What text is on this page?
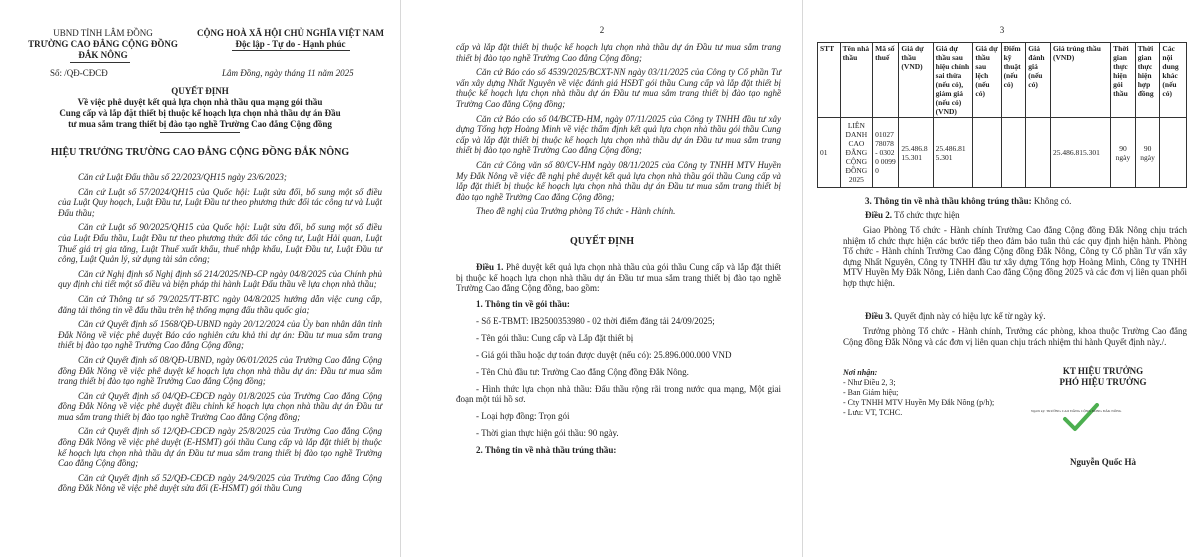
UBND TỈNH LÂM ĐỒNG
TRƯỜNG CAO ĐẲNG CỘNG ĐỒNG
ĐẮK NÔNG
CỘNG HOÀ XÃ HỘI CHỦ NGHĨA VIỆT NAM
Độc lập - Tự do - Hạnh phúc
Số: /QĐ-CĐCĐ	Lâm Đồng, ngày tháng 11 năm 2025
QUYẾT ĐỊNH
Về việc phê duyệt kết quả lựa chọn nhà thầu qua mạng gói thầu
Cung cấp và lắp đặt thiết bị thuộc kế hoạch lựa chọn nhà thầu dự án Đầu
tư mua sắm trang thiết bị đào tạo nghề Trường Cao đẳng Cộng đồng
HIỆU TRƯỞNG TRƯỜNG CAO ĐẲNG CỘNG ĐỒNG ĐẮK NÔNG
Căn cứ Luật Đấu thầu số 22/2023/QH15 ngày 23/6/2023;
Căn cứ Luật số 57/2024/QH15 của Quốc hội: Luật sửa đổi, bổ sung một số điều của Luật Quy hoạch, Luật Đầu tư, Luật Đầu tư theo phương thức đối tác công tư và Luật Đấu thầu;
Căn cứ Luật số 90/2025/QH15 của Quốc hội: Luật sửa đổi, bổ sung một số điều của Luật Đấu thầu, Luật Đầu tư theo phương thức đối tác công tư, Luật Hải quan, Luật Thuế giá trị gia tăng, Luật Thuế xuất khẩu, thuế nhập khẩu, Luật Đầu tư, Luật Đầu tư công, Luật Quản lý, sử dụng tài sản công;
Căn cứ Nghị định số Nghị định số 214/2025/NĐ-CP ngày 04/8/2025 của Chính phủ quy định chi tiết một số điều và biện pháp thi hành Luật Đấu thầu về lựa chọn nhà thầu;
Căn cứ Thông tư số 79/2025/TT-BTC ngày 04/8/2025 hướng dẫn việc cung cấp, đăng tải thông tin về đấu thầu trên hệ thống mạng đấu thầu quốc gia;
Căn cứ Quyết định số 1568/QĐ-UBND ngày 20/12/2024 của Ủy ban nhân dân tỉnh Đắk Nông về việc phê duyệt Báo cáo nghiên cứu khả thi dự án: Đầu tư mua sắm trang thiết bị đào tạo nghề Trường Cao đẳng Cộng đồng;
Căn cứ Quyết định số 08/QĐ-UBND, ngày 06/01/2025 của Trường Cao đẳng Cộng đồng Đắk Nông về việc phê duyệt kế hoạch lựa chọn nhà thầu dự án: Đầu tư mua sắm trang thiết bị đào tạo nghề Trường Cao đẳng Cộng đồng;
Căn cứ Quyết định số 04/QĐ-CĐCĐ ngày 01/8/2025 của Trường Cao đẳng Cộng đồng Đắk Nông về việc phê duyệt điều chỉnh kế hoạch lựa chọn nhà thầu dự án Đầu tư mua sắm trang thiết bị đào tạo nghề Trường Cao đẳng Cộng đồng;
Căn cứ Quyết định số 12/QĐ-CĐCĐ ngày 25/8/2025 của Trường Cao đẳng Cộng đồng Đắk Nông về việc phê duyệt (E-HSMT) gói thầu Cung cấp và lắp đặt thiết bị thuộc kế hoạch lựa chọn nhà thầu dự án Đầu tư mua sắm trang thiết bị đào tạo nghề Trường Cao đẳng Cộng đồng;
Căn cứ Quyết định số 52/QĐ-CĐCĐ ngày 24/9/2025 của Trường Cao đẳng Cộng đồng Đắk Nông về việc phê duyệt sửa đổi (E-HSMT) gói thầu Cung
2
cấp và lắp đặt thiết bị thuộc kế hoạch lựa chọn nhà thầu dự án Đầu tư mua sắm trang thiết bị đào tạo nghề Trường Cao đẳng Cộng đồng;
Căn cứ Báo cáo số 4539/2025/BCXT-NN ngày 03/11/2025 của Công ty Cổ phần Tư vấn xây dựng Nhất Nguyên về việc đánh giá HSĐT gói thầu Cung cấp và lắp đặt thiết bị thuộc kế hoạch lựa chọn nhà thầu dự án Đầu tư mua sắm trang thiết bị đào tạo nghề Trường Cao đẳng Cộng đồng;
Căn cứ Báo cáo số 04/BCTĐ-HM, ngày 07/11/2025 của Công ty TNHH đầu tư xây dựng Tổng hợp Hoàng Minh về việc thẩm định kết quả lựa chọn nhà thầu gói thầu Cung cấp và lắp đặt thiết bị thuộc kế hoạch lựa chọn nhà thầu dự án Đầu tư mua sắm trang thiết bị đào tạo nghề Trường Cao đẳng Cộng đồng;
Căn cứ Công văn số 80/CV-HM ngày 08/11/2025 của Công ty TNHH MTV Huyền My Đắk Nông về việc đề nghị phê duyệt kết quả lựa chọn nhà thầu gói thầu Cung cấp và lắp đặt thiết bị thuộc kế hoạch lựa chọn nhà thầu dự án Đầu tư mua sắm trang thiết bị đào tạo nghề Trường Cao đẳng Cộng đồng;
Theo đề nghị của Trưởng phòng Tổ chức - Hành chính.
QUYẾT ĐỊNH
Điều 1. Phê duyệt kết quả lựa chọn nhà thầu của gói thầu Cung cấp và lắp đặt thiết bị thuộc kế hoạch lựa chọn nhà thầu dự án Đầu tư mua sắm trang thiết bị đào tạo nghề Trường Cao đẳng Cộng đồng, bao gồm:
1. Thông tin về gói thầu:
- Số E-TBMT: IB2500353980 - 02 thời điểm đăng tải 24/09/2025;
- Tên gói thầu: Cung cấp và Lắp đặt thiết bị
- Giá gói thầu hoặc dự toán được duyệt (nếu có): 25.896.000.000 VND
- Tên Chủ đầu tư: Trường Cao đẳng Cộng đồng Đắk Nông.
- Hình thức lựa chọn nhà thầu: Đấu thầu rộng rãi trong nước qua mạng, Một giai đoạn một túi hồ sơ.
- Loại hợp đồng: Trọn gói
- Thời gian thực hiện gói thầu: 90 ngày.
2. Thông tin về nhà thầu trúng thầu:
3
STT	Tên nhà thầu	Mã số thuế	Giá dự thầu (VND)	Giá dự thầu sau hiệu chỉnh sai thừa (nếu có), giảm giá (nếu có) (VND)	Giá dự thầu sau lệch (nếu có)	Điểm kỹ thuật (nếu có)	Giá đánh giá (nếu có)	Giá trúng thầu (VND)	Thời gian thực hiện gói thầu	Thời gian thực hiện hợp đồng	Các nội dung khác (nếu có)
01	LIÊN DANH CAO ĐẲNG CỘNG ĐỒNG 2025	0102778078 - 03020 00990	25.486.815.301	25.486.815.301				25.486.815.301	90 ngày	90 ngày	
3. Thông tin về nhà thầu không trúng thầu: Không có.
Điều 2. Tổ chức thực hiện
Giao Phòng Tổ chức - Hành chính Trường Cao đẳng Cộng đồng Đắk Nông chịu trách nhiệm tổ chức thực hiện các bước tiếp theo đảm bảo tuân thủ các quy định hiện hành. Phòng Tổ chức - Hành chính Trường Cao đẳng Cộng đồng Đắk Nông, Công ty Cổ phần Tư vấn xây dựng Nhất Nguyên, Công ty TNHH đầu tư xây dựng Tổng hợp Hoàng Minh, Công ty TNHH MTV Huyền My Đắk Nông, Liên danh Cao đẳng Cộng đồng 2025 và các đơn vị liên quan phối hợp thực hiện.
Điều 3. Quyết định này có hiệu lực kể từ ngày ký.
Trưởng phòng Tổ chức - Hành chính, Trưởng các phòng, khoa thuộc Trường Cao đẳng Cộng đồng Đắk Nông và các đơn vị liên quan chịu trách nhiệm thi hành Quyết định này./.
Nơi nhận:
- Như Điều 2, 3;
- Ban Giám hiệu;
- Cty TNHH MTV Huyền My Đắk Nông (p/h);
- Lưu: VT, TCHC.
KT HIỆU TRƯỞNG
PHÓ HIỆU TRƯỞNG
Người ký: TRƯỜNG CAO ĐẲNG CỘNG ĐỒNG ĐẮK NÔNG
Nguyễn Quốc Hà
